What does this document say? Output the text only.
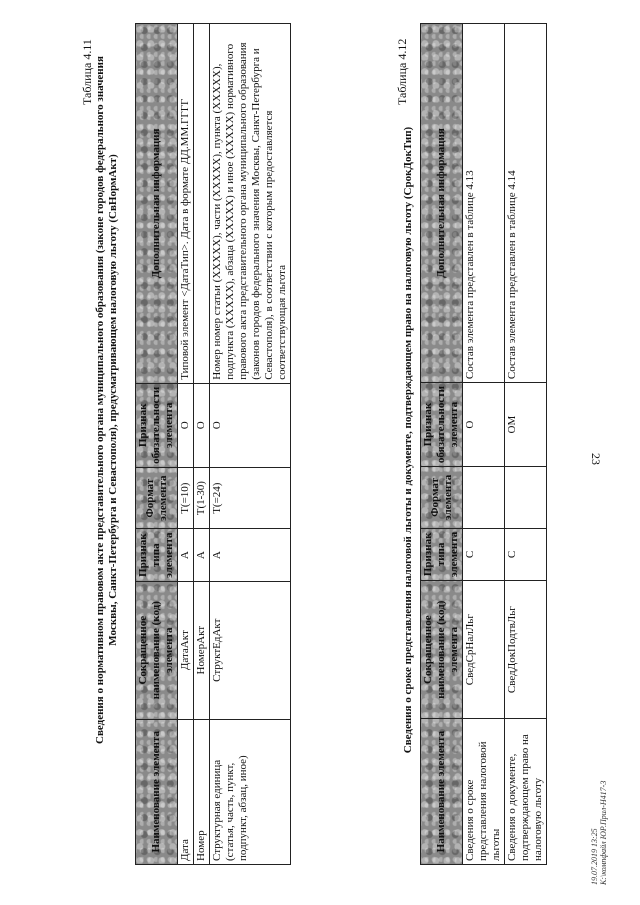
23
Таблица 4.11 Сведения о нормативном правовом акте представительного органа муниципального образования (законе городов федерального значения Москвы, Санкт-Петербурга и Севастополя), предусматривающем налоговую льготу (СвНормАкт)
Наименование элемента	Сокращенное наименование (код) элемента	Признак типа элемента	Формат элемента	Признак обязательности элемента	Дополнительная информация
Дата	ДатаАкт	А	T(=10)	О	Типовой элемент <ДатаТип>. Дата в формате ДД.ММ.ГГГГ
Номер	НомерАкт	А	T(1-30)	О	
Структурная единица (статья, часть, пункт, подпункт, абзац, иное)	СтруктЕдАкт	А	T(=24)	О	Номер номер статьи (XXXXX), части (XXXXX), пункта (XXXXX), подпункта (XXXXX), абзаца (XXXXX) и иное (XXXXX) нормативного правового акта представительного органа муниципального образования (законов городов федерального значения Москвы, Санкт-Петербурга и Севастополя), в соответствии с которым предоставляется соответствующая льгота
Таблица 4.12
Сведения о сроке представления налоговой льготы и документе, подтверждающем право на налоговую льготу (СрокДокТип)
Наименование элемента	Сокращенное наименование (код) элемента	Признак типа элемента	Формат элемента	Признак обязательности элемента	Дополнительная информация
Сведения о сроке представления налоговой льготы	СведСрНалЛьг	С		О	Состав элемента представлен в таблице 4.13
Сведения о документе, подтверждающем право на налоговую льготу	СведДокПодтвЛьг	С		ОМ	Состав элемента представлен в таблице 4.14
19.07.2019 13:25 К:\компфайл ЮР.Прил-Н417-3
